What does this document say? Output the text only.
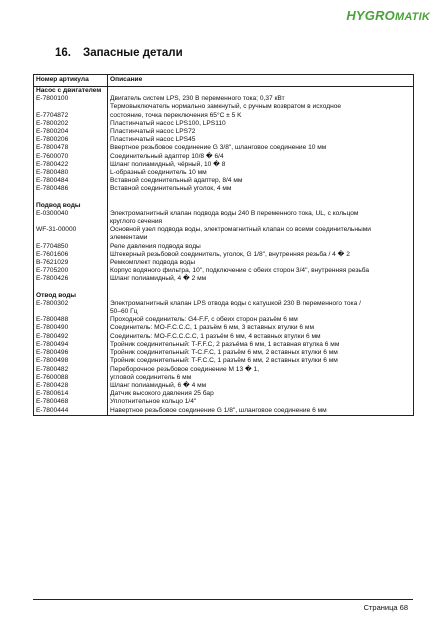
HYGROMATIK
16. Запасные детали
Номер артикула	Описание
Насос с двигателем	
E-7800100	Двигатель систем LPS, 230 В переменного тока; 0,37 кВт
	Термовыключатель нормально замкнутый, с ручным возвратом в исходное
E-7704872	состояние, точка переключения 65°C ± 5 K
E-7800202	Пластинчатый насос LPS100, LPS110
E-7800204	Пластинчатый насос LPS72
E-7800206	Пластинчатый насос LPS45
E-7800478	Ввертное резьбовое соединение G 3/8", шланговое соединение 10 мм
E-7600070	Соединительный адаптер 10/8 � 6/4
E-7800422	Шланг полиамидный, чёрный, 10 � 8
E-7800480	L-образный соединитель 10 мм
E-7800484	Вставной соединительный адаптер, 8/4 мм
E-7800486	Вставной соединительный уголок, 4 мм

Подвод воды	
E-0300040	Электромагнитный клапан подвода воды 240 В переменного тока, UL, с кольцом
	круглого сечения
WF-31-00000	Основной узел подвода воды, электромагнитный клапан со всеми соединительными
	элементами
E-7704850	Реле давления подвода воды
E-7601606	Штекерный резьбовой соединитель, уголок, G 1/8", внутренняя резьба / 4 � 2
B-7621029	Ремкомплект подвода воды
E-7705200	Корпус водяного фильтра, 10", подключение с обеих сторон 3/4", внутренняя резьба
E-7800426	Шланг полиамидный, 4 � 2 мм

Отвод воды	
E-7800302	Электромагнитный клапан LPS отвода воды с катушкой 230 В переменного тока /
	50–60 Гц
E-7800488	Проходной соединитель: G4-F.F, с обеих сторон разъём 6 мм
E-7800490	Соединитель: MO-F.C.C.C, 1 разъём 6 мм, 3 вставных втулки 6 мм
E-7800492	Соединитель: MO-F.C.C.C.C, 1 разъём 6 мм, 4 вставных втулки 6 мм
E-7800494	Тройник соединительный: T-F.F.C, 2 разъёма 6 мм, 1 вставная втулка 6 мм
E-7800496	Тройник соединительный: T-C.F.C, 1 разъём 6 мм, 2 вставных втулки 6 мм
E-7800498	Тройник соединительный: T-F.C.C, 1 разъём 6 мм, 2 вставных втулки 6 мм
E-7800482	Переборочное резьбовое соединение M 13 � 1,
E-7600088	угловой соединитель 6 мм
E-7800428	Шланг полиамидный, 6 � 4 мм
E-7800614	Датчик высокого давления 25 бар
E-7800468	Уплотнительное кольцо 1/4"
E-7800444	Навертное резьбовое соединение G 1/8", шланговое соединение 6 мм
Страница 68
